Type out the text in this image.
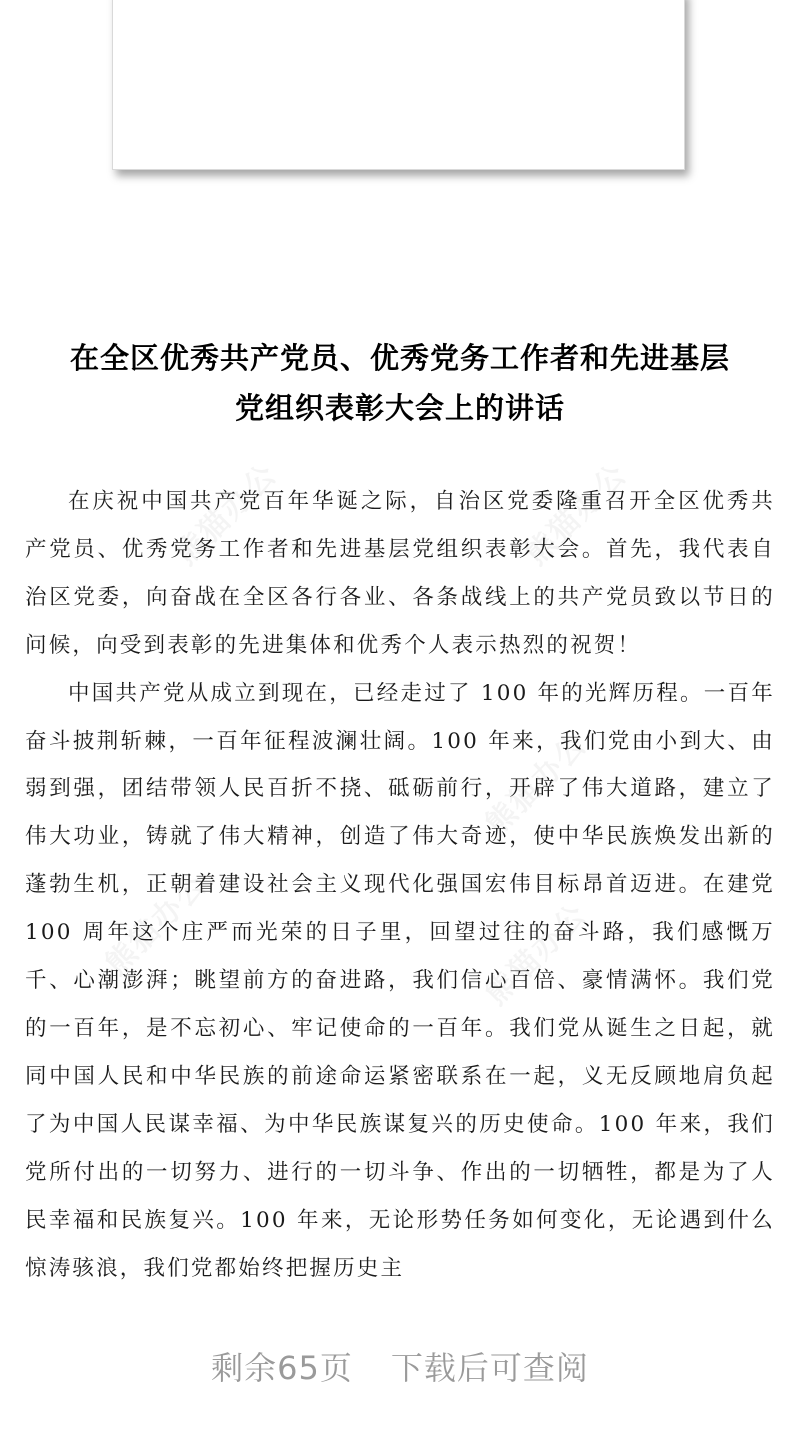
在全区优秀共产党员、优秀党务工作者和先进基层
党组织表彰大会上的讲话

在庆祝中国共产党百年华诞之际，自治区党委隆重召开全区优秀共产党员、优秀党务工作者和先进基层党组织表彰大会。首先，我代表自治区党委，向奋战在全区各行各业、各条战线上的共产党员致以节日的问候，向受到表彰的先进集体和优秀个人表示热烈的祝贺！

中国共产党从成立到现在，已经走过了 100 年的光辉历程。一百年奋斗披荆斩棘，一百年征程波澜壮阔。100 年来，我们党由小到大、由弱到强，团结带领人民百折不挠、砥砺前行，开辟了伟大道路，建立了伟大功业，铸就了伟大精神，创造了伟大奇迹，使中华民族焕发出新的蓬勃生机，正朝着建设社会主义现代化强国宏伟目标昂首迈进。在建党 100 周年这个庄严而光荣的日子里，回望过往的奋斗路，我们感慨万千、心潮澎湃；眺望前方的奋进路，我们信心百倍、豪情满怀。我们党的一百年，是不忘初心、牢记使命的一百年。我们党从诞生之日起，就同中国人民和中华民族的前途命运紧密联系在一起，义无反顾地肩负起了为中国人民谋幸福、为中华民族谋复兴的历史使命。100 年来，我们党所付出的一切努力、进行的一切斗争、作出的一切牺牲，都是为了人民幸福和民族复兴。100 年来，无论形势任务如何变化，无论遇到什么惊涛骇浪，我们党都始终把握历史主

剩余65页 下载后可查阅
